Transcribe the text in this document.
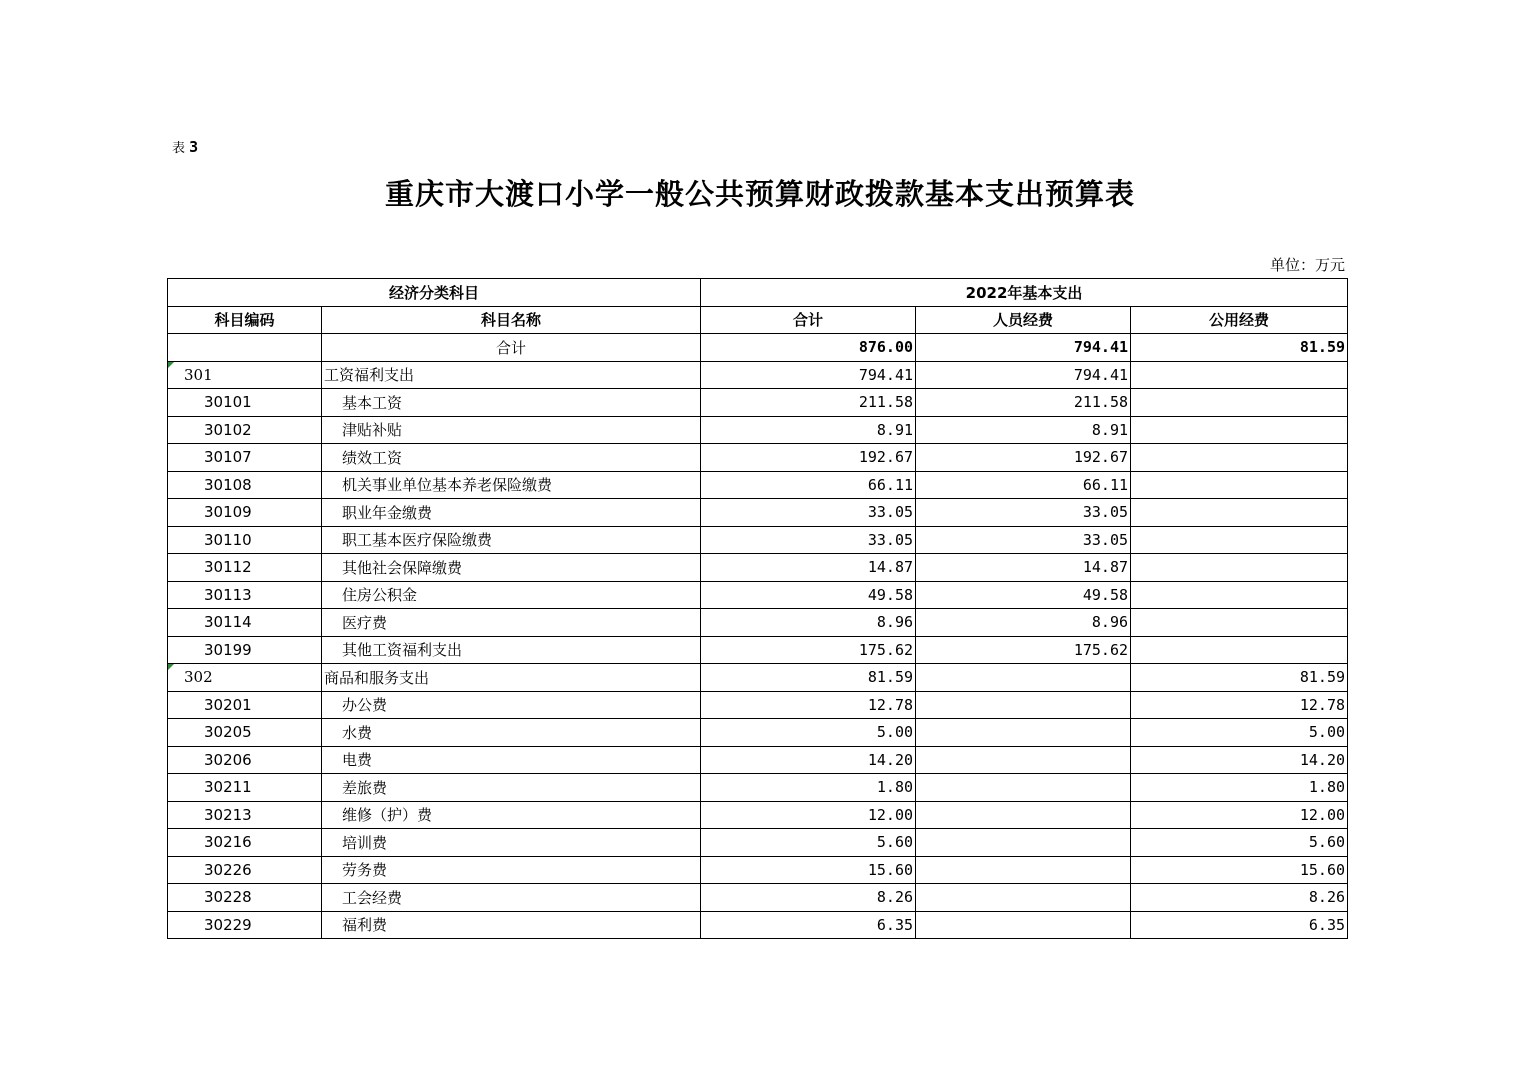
表 3
重庆市大渡口小学一般公共预算财政拨款基本支出预算表
单位：万元
经济分类科目		2022年基本支出		
科目编码	科目名称	合计	人员经费	公用经费
	合计	876.00	794.41	81.59
301	工资福利支出	794.41	794.41	
30101	基本工资	211.58	211.58	
30102	津贴补贴	8.91	8.91	
30107	绩效工资	192.67	192.67	
30108	机关事业单位基本养老保险缴费	66.11	66.11	
30109	职业年金缴费	33.05	33.05	
30110	职工基本医疗保险缴费	33.05	33.05	
30112	其他社会保障缴费	14.87	14.87	
30113	住房公积金	49.58	49.58	
30114	医疗费	8.96	8.96	
30199	其他工资福利支出	175.62	175.62	
302	商品和服务支出	81.59		81.59
30201	办公费	12.78		12.78
30205	水费	5.00		5.00
30206	电费	14.20		14.20
30211	差旅费	1.80		1.80
30213	维修（护）费	12.00		12.00
30216	培训费	5.60		5.60
30226	劳务费	15.60		15.60
30228	工会经费	8.26		8.26
30229	福利费	6.35		6.35
